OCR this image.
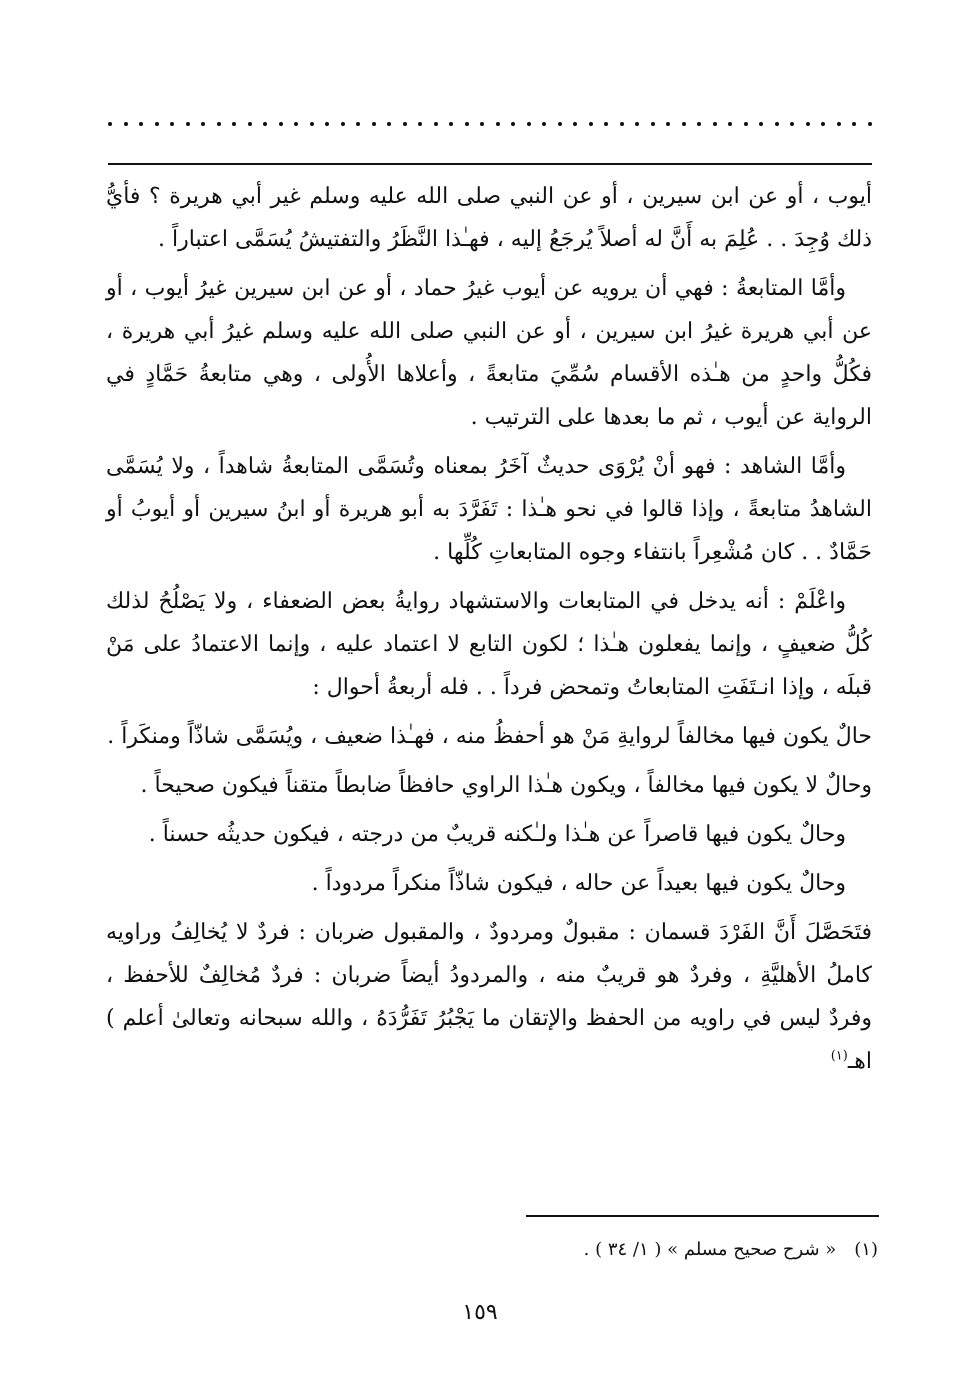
أيوب ، أو عن ابن سيرين ، أو عن النبي صلى الله عليه وسلم غير أبي هريرة ؟ فأيُّ ذلك وُجِدَ . . عُلِمَ به أَنَّ له أصلاً يُرجَعُ إليه ، فهـٰذا النَّظَرُ والتفتيشُ يُسَمَّى اعتباراً .

وأمَّا المتابعةُ : فهي أن يرويه عن أيوب غيرُ حماد ، أو عن ابن سيرين غيرُ أيوب ، أو عن أبي هريرة غيرُ ابن سيرين ، أو عن النبي صلى الله عليه وسلم غيرُ أبي هريرة ، فكُلُّ واحدٍ من هـٰذه الأقسام سُمِّيَ متابعةً ، وأعلاها الأُولى ، وهي متابعةُ حَمَّادٍ في الرواية عن أيوب ، ثم ما بعدها على الترتيب .

وأمَّا الشاهد : فهو أنْ يُرْوَى حديثٌ آخَرُ بمعناه وتُسَمَّى المتابعةُ شاهداً ، ولا يُسَمَّى الشاهدُ متابعةً ، وإذا قالوا في نحو هـٰذا : تَفَرَّدَ به أبو هريرة أو ابنُ سيرين أو أيوبُ أو حَمَّادٌ . . كان مُشْعِراً بانتفاء وجوه المتابعاتِ كُلِّها .

واعْلَمْ : أنه يدخل في المتابعات والاستشهاد روايةُ بعض الضعفاء ، ولا يَصْلُحُ لذلك كُلُّ ضعيفٍ ، وإنما يفعلون هـٰذا ؛ لكون التابع لا اعتماد عليه ، وإنما الاعتمادُ على مَنْ قبلَه ، وإذا انـتَفَتِ المتابعاتُ وتمحض فرداً . . فله أربعةُ أحوال :

حالٌ يكون فيها مخالفاً لروايةِ مَنْ هو أحفظُ منه ، فهـٰذا ضعيف ، ويُسَمَّى شاذّاً ومنكَراً .

وحالٌ لا يكون فيها مخالفاً ، ويكون هـٰذا الراوي حافظاً ضابطاً متقناً فيكون صحيحاً .

وحالٌ يكون فيها قاصراً عن هـٰذا ولـٰكنه قريبٌ من درجته ، فيكون حديثُه حسناً .

وحالٌ يكون فيها بعيداً عن حاله ، فيكون شاذّاً منكراً مردوداً .

فتَحَصَّلَ أَنَّ الفَرْدَ قسمان : مقبولٌ ومردودٌ ، والمقبول ضربان : فردٌ لا يُخالِفُ وراويه كاملُ الأهليَّةِ ، وفردٌ هو قريبٌ منه ، والمردودُ أيضاً ضربان : فردٌ مُخالِفٌ للأحفظ ، وفردٌ ليس في راويه من الحفظ والإتقان ما يَجْبُرُ تَفَرُّدَهُ ، والله سبحانه وتعالىٰ أعلم ) اهـ$^{(١)}$

(١)« شرح صحيح مسلم » ( ١/ ٣٤ ) .
١٥٩
